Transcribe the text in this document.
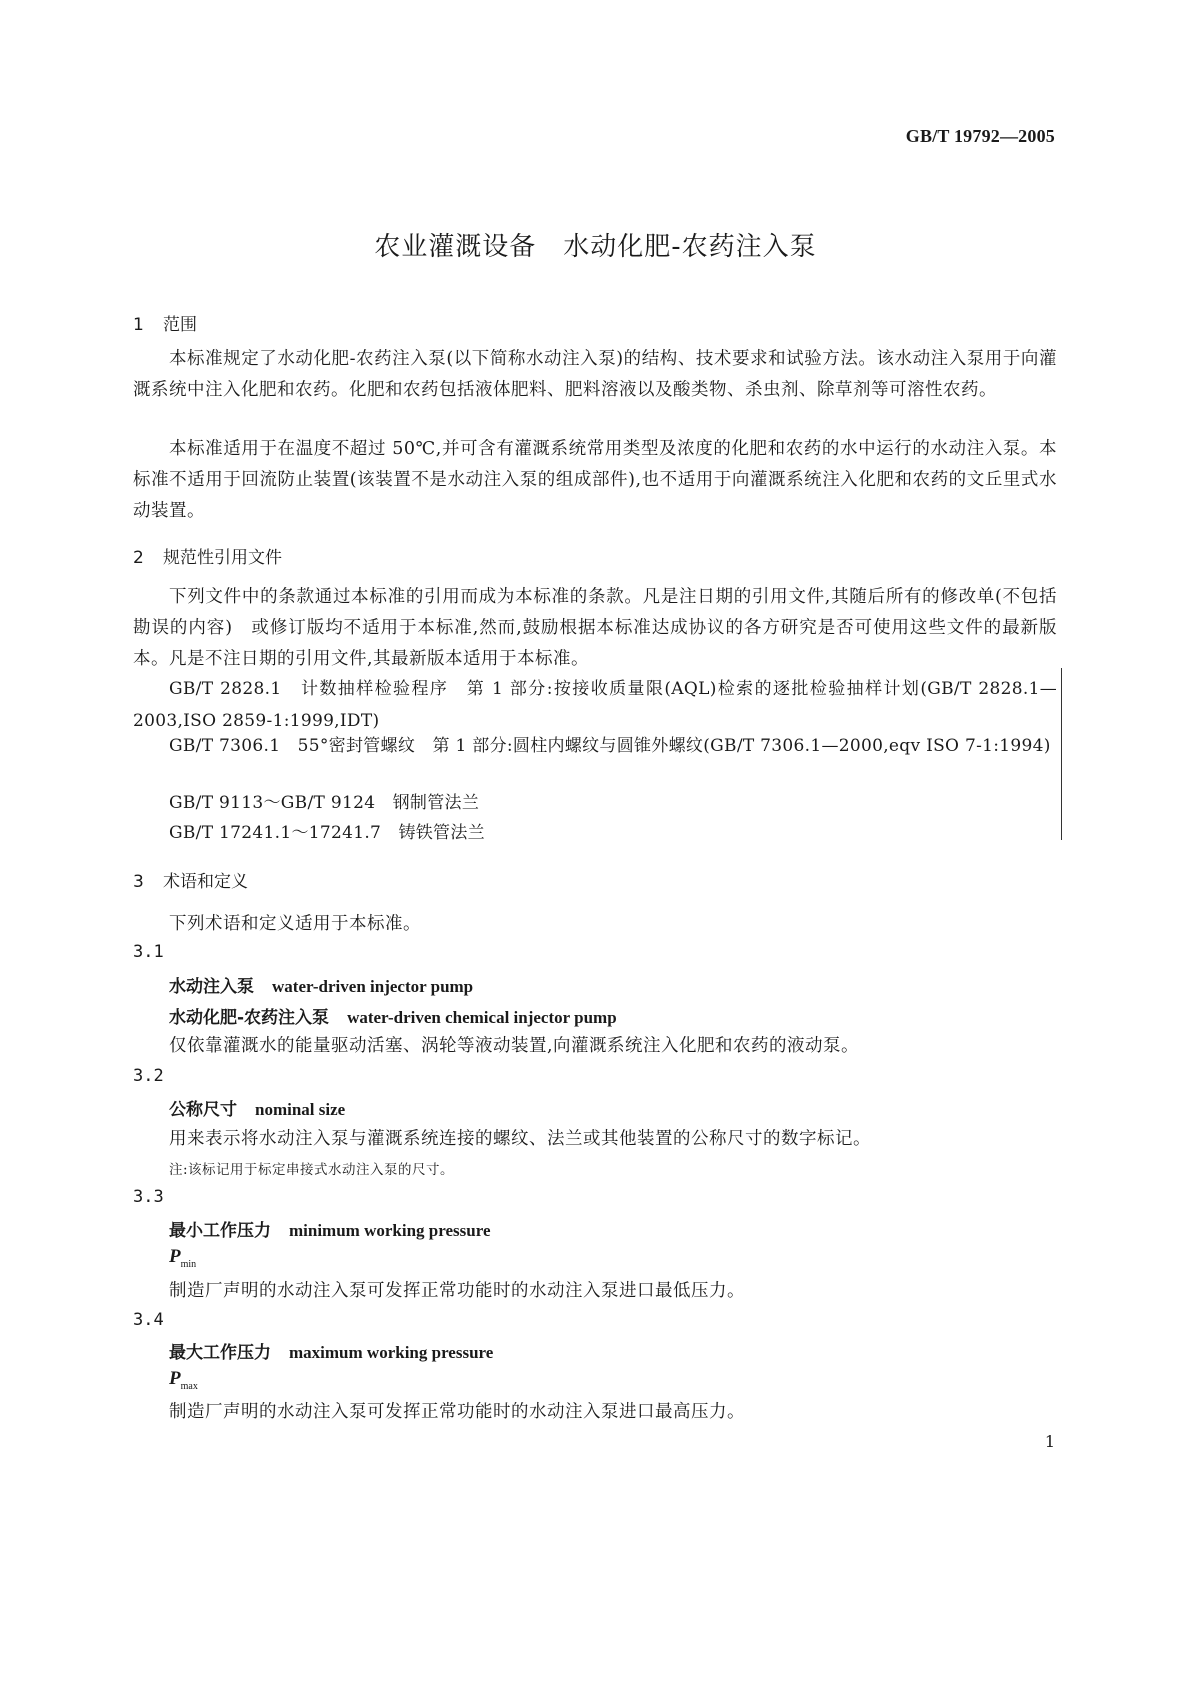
GB/T 19792—2005
农业灌溉设备　水动化肥-农药注入泵
1 范围
本标准规定了水动化肥-农药注入泵(以下简称水动注入泵)的结构、技术要求和试验方法。该水动注入泵用于向灌溉系统中注入化肥和农药。化肥和农药包括液体肥料、肥料溶液以及酸类物、杀虫剂、除草剂等可溶性农药。
本标准适用于在温度不超过 50℃,并可含有灌溉系统常用类型及浓度的化肥和农药的水中运行的水动注入泵。本标准不适用于回流防止装置(该装置不是水动注入泵的组成部件),也不适用于向灌溉系统注入化肥和农药的文丘里式水动装置。
2 规范性引用文件
下列文件中的条款通过本标准的引用而成为本标准的条款。凡是注日期的引用文件,其随后所有的修改单(不包括勘误的内容)　或修订版均不适用于本标准,然而,鼓励根据本标准达成协议的各方研究是否可使用这些文件的最新版本。凡是不注日期的引用文件,其最新版本适用于本标准。
GB/T 2828.1　计数抽样检验程序　第 1 部分:按接收质量限(AQL)检索的逐批检验抽样计划(GB/T 2828.1—2003,ISO 2859-1:1999,IDT)
GB/T 7306.1　55°密封管螺纹　第 1 部分:圆柱内螺纹与圆锥外螺纹(GB/T 7306.1—2000,eqv ISO 7-1:1994)
GB/T 9113～GB/T 9124　钢制管法兰
GB/T 17241.1～17241.7　铸铁管法兰
3 术语和定义
下列术语和定义适用于本标准。
3.1
水动注入泵 water-driven injector pump
水动化肥-农药注入泵 water-driven chemical injector pump
仅依靠灌溉水的能量驱动活塞、涡轮等液动装置,向灌溉系统注入化肥和农药的液动泵。
3.2
公称尺寸 nominal size
用来表示将水动注入泵与灌溉系统连接的螺纹、法兰或其他装置的公称尺寸的数字标记。
注:该标记用于标定串接式水动注入泵的尺寸。
3.3
最小工作压力 minimum working pressure
$P_{min}$
制造厂声明的水动注入泵可发挥正常功能时的水动注入泵进口最低压力。
3.4
最大工作压力 maximum working pressure
$P_{max}$
制造厂声明的水动注入泵可发挥正常功能时的水动注入泵进口最高压力。
1
